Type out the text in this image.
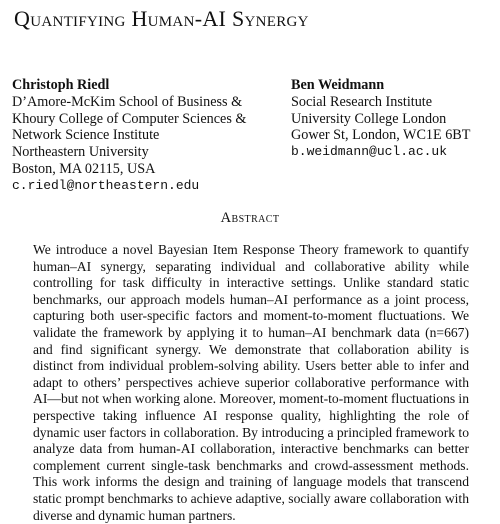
Quantifying Human-AI Synergy
Christoph Riedl
D’Amore-McKim School of Business &
Khoury College of Computer Sciences &
Network Science Institute
Northeastern University
Boston, MA 02115, USA
c.riedl@northeastern.edu
Ben Weidmann
Social Research Institute
University College London
Gower St, London, WC1E 6BT
b.weidmann@ucl.ac.uk
Abstract
We introduce a novel Bayesian Item Response Theory framework to quantify human–AI synergy, separating individual and collaborative ability while controlling for task difficulty in interactive settings. Unlike standard static benchmarks, our approach models human–AI performance as a joint process, capturing both user-specific factors and moment-to-moment fluctuations. We validate the framework by applying it to human–AI benchmark data (n=667) and find significant synergy. We demonstrate that collaboration ability is distinct from individual problem-solving ability. Users better able to infer and adapt to others’ perspectives achieve superior collaborative performance with AI—but not when working alone. Moreover, moment-to-moment fluctuations in perspective taking influence AI response quality, highlighting the role of dynamic user factors in collaboration. By introducing a principled framework to analyze data from human-AI collaboration, interactive benchmarks can better complement current single-task benchmarks and crowd-assessment methods. This work informs the design and training of language models that transcend static prompt benchmarks to achieve adaptive, socially aware collaboration with diverse and dynamic human partners.
